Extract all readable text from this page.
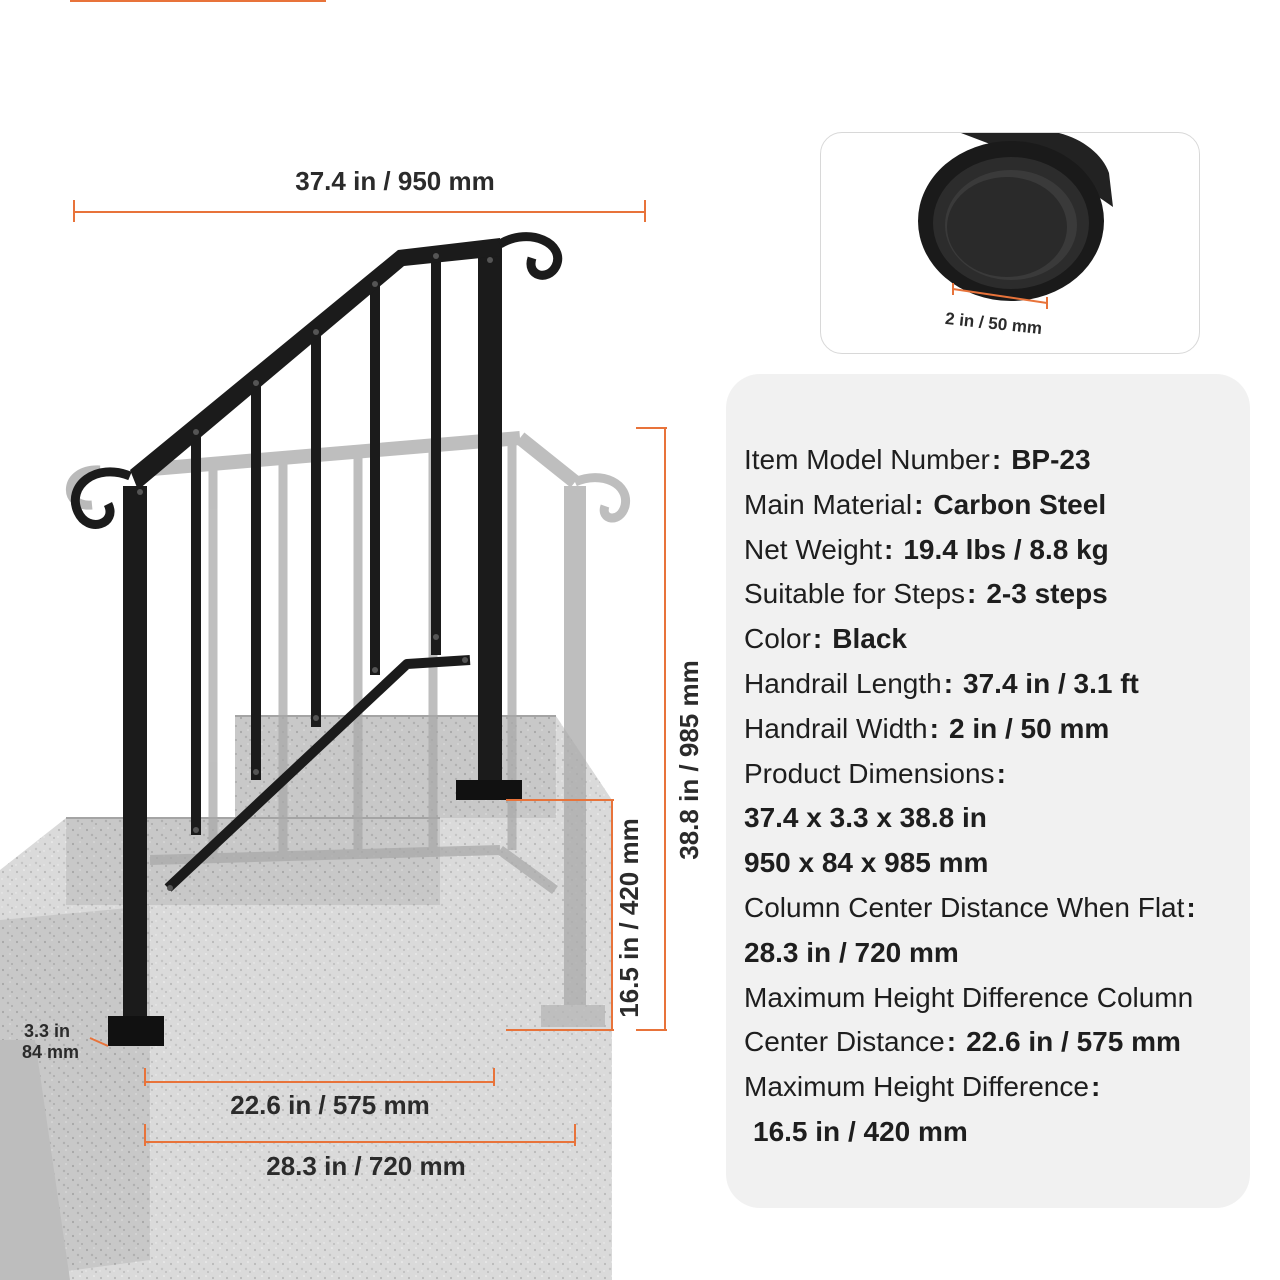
37.4 in / 950 mm
38.8 in / 985 mm
16.5 in / 420 mm
3.3 in
84 mm
22.6 in / 575 mm
28.3 in / 720 mm
2 in / 50 mm
Item Model Number: BP-23
Main Material: Carbon Steel
Net Weight: 19.4 lbs / 8.8 kg
Suitable for Steps: 2-3 steps
Color: Black
Handrail Length: 37.4 in / 3.1 ft
Handrail Width: 2 in / 50 mm
Product Dimensions:
37.4 x 3.3 x 38.8 in
950 x 84 x 985 mm
Column Center Distance When Flat:
28.3 in / 720 mm
Maximum Height Difference Column
Center Distance: 22.6 in / 575 mm
Maximum Height Difference:
16.5 in / 420 mm
